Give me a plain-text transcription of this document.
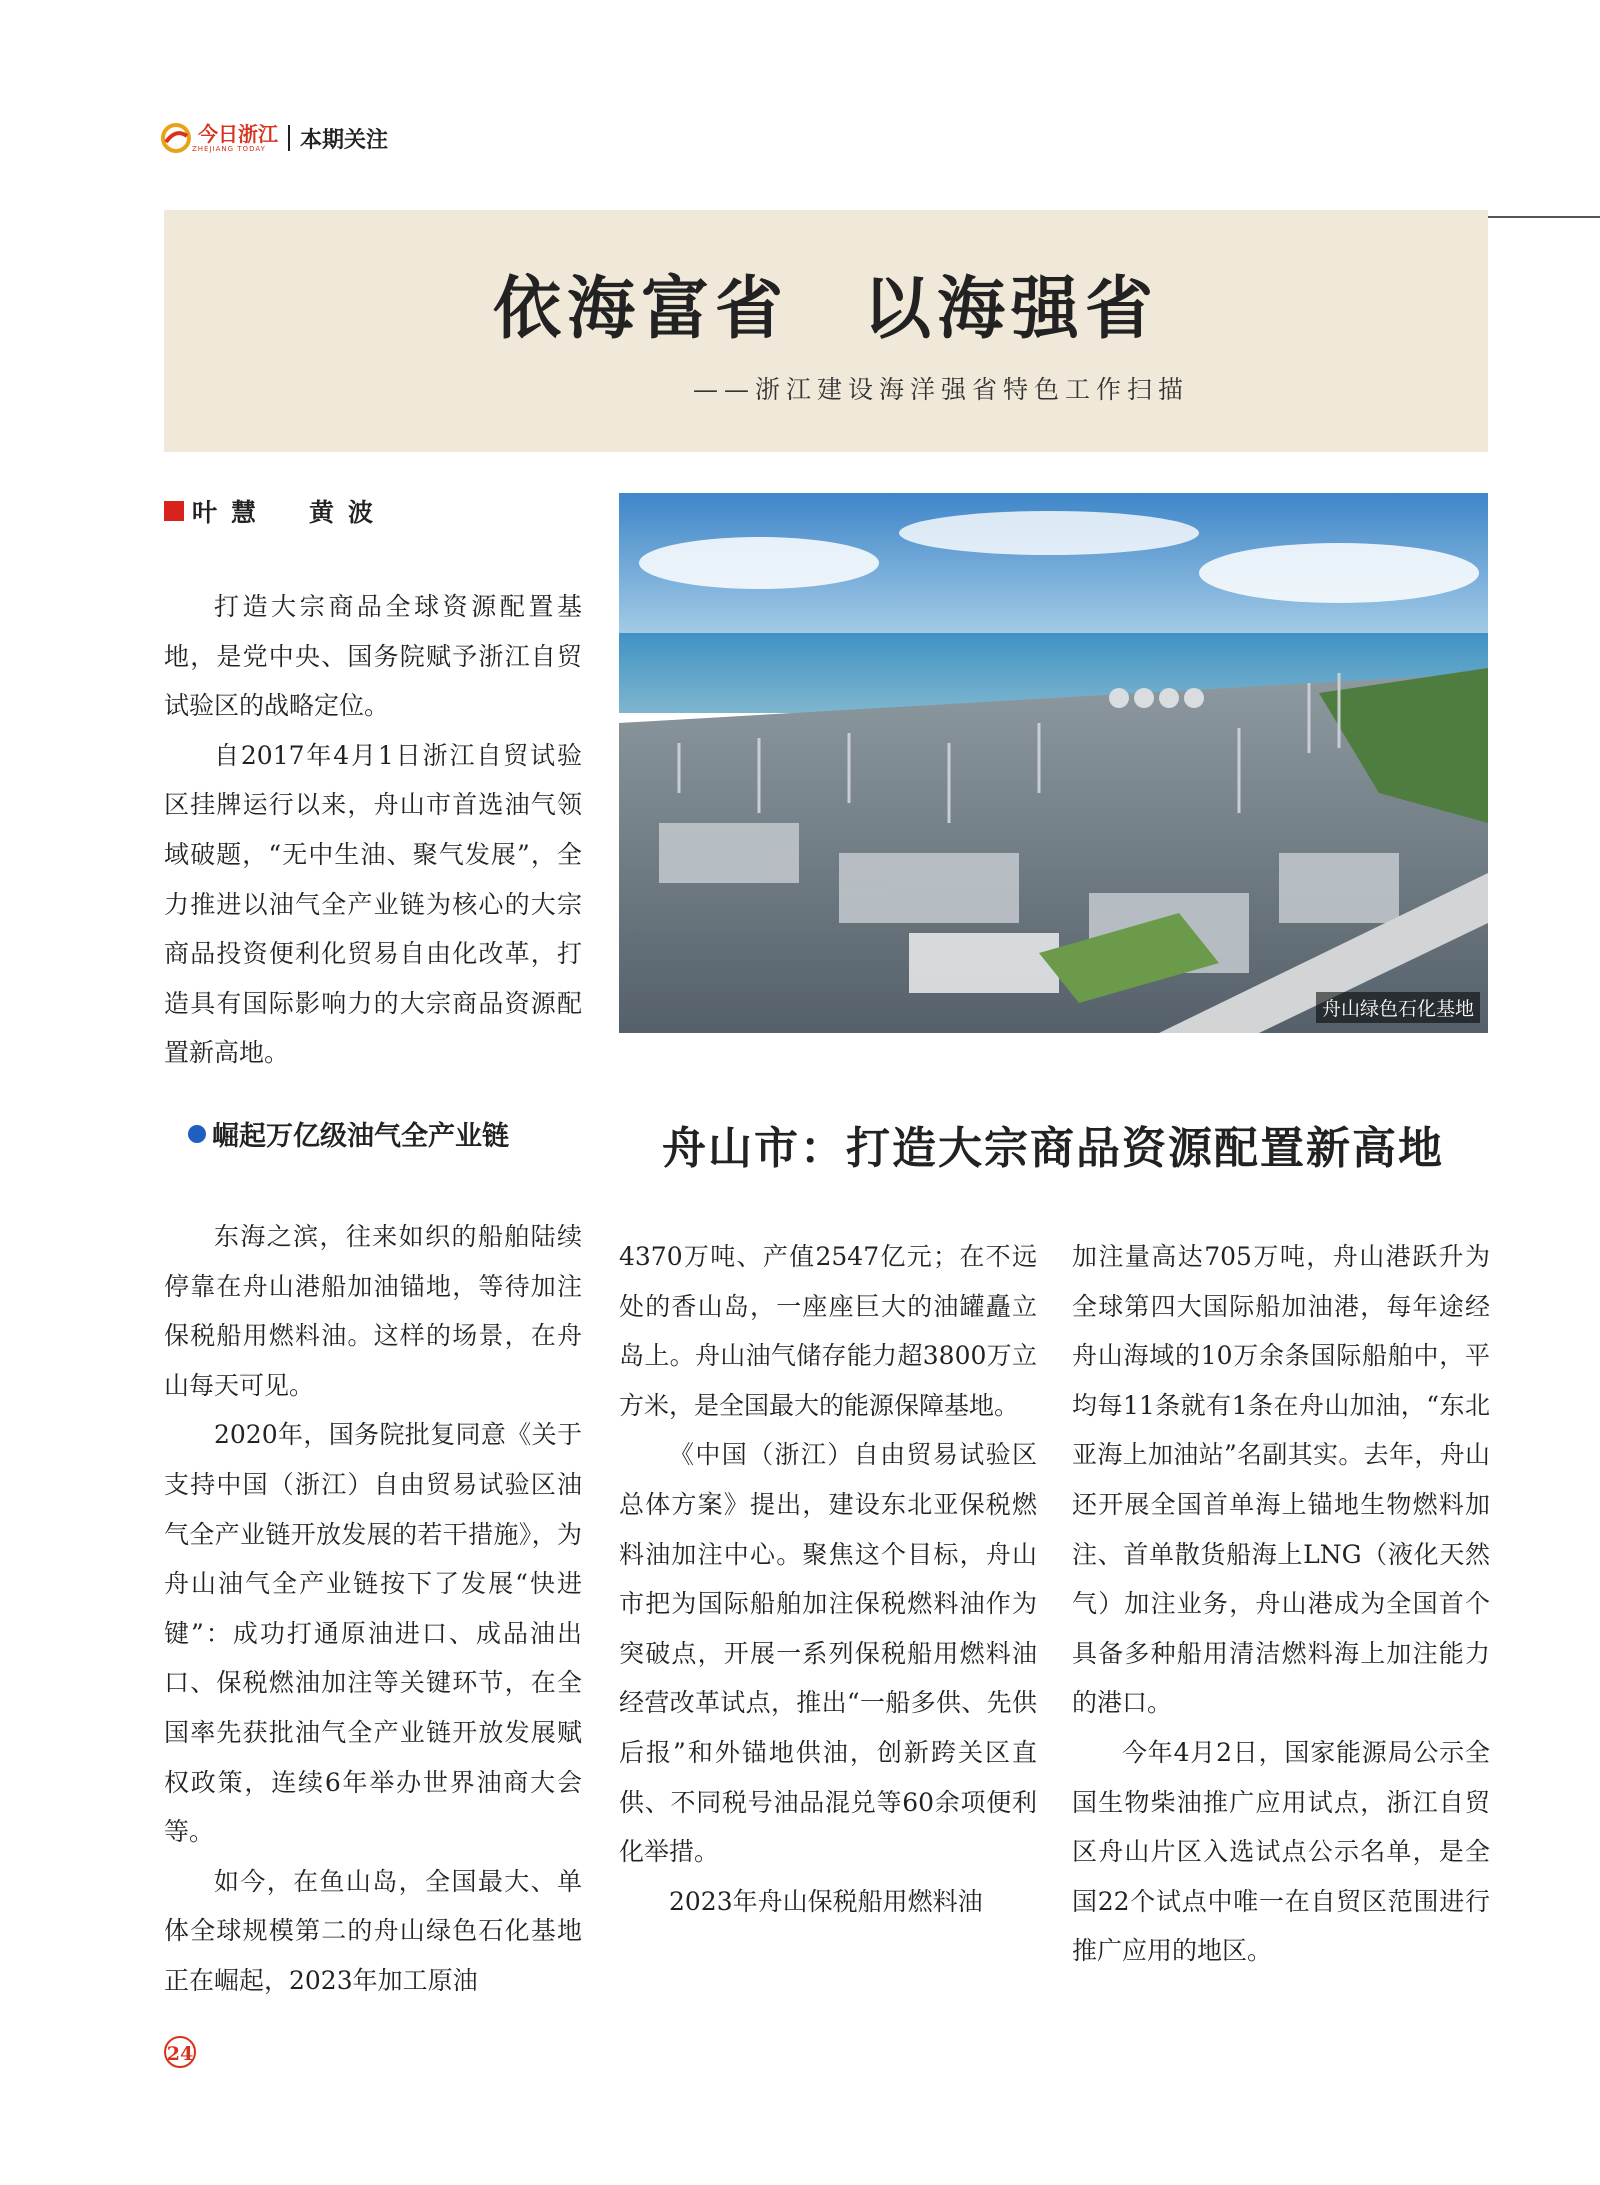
今日浙江
ZHEJIANG TODAY	本期关注
依海富省　以海强省
——浙江建设海洋强省特色工作扫描
叶慧　黄波
舟山绿色石化基地

打造大宗商品全球资源配置基地，是党中央、国务院赋予浙江自贸试验区的战略定位。

自2017年4月1日浙江自贸试验区挂牌运行以来，舟山市首选油气领域破题，“无中生油、聚气发展”，全力推进以油气全产业链为核心的大宗商品投资便利化贸易自由化改革，打造具有国际影响力的大宗商品资源配置新高地。

崛起万亿级油气全产业链	舟山市：打造大宗商品资源配置新高地

东海之滨，往来如织的船舶陆续停靠在舟山港船加油锚地，等待加注保税船用燃料油。这样的场景，在舟山每天可见。

2020年，国务院批复同意《关于支持中国（浙江）自由贸易试验区油气全产业链开放发展的若干措施》，为舟山油气全产业链按下了发展“快进键”：成功打通原油进口、成品油出口、保税燃油加注等关键环节，在全国率先获批油气全产业链开放发展赋权政策，连续6年举办世界油商大会等。

如今，在鱼山岛，全国最大、单体全球规模第二的舟山绿色石化基地正在崛起，2023年加工原油

4370万吨、产值2547亿元；在不远处的香山岛，一座座巨大的油罐矗立岛上。舟山油气储存能力超3800万立方米，是全国最大的能源保障基地。

《中国（浙江）自由贸易试验区总体方案》提出，建设东北亚保税燃料油加注中心。聚焦这个目标，舟山市把为国际船舶加注保税燃料油作为突破点，开展一系列保税船用燃料油经营改革试点，推出“一船多供、先供后报”和外锚地供油，创新跨关区直供、不同税号油品混兑等60余项便利化举措。

2023年舟山保税船用燃料油

加注量高达705万吨，舟山港跃升为全球第四大国际船加油港，每年途经舟山海域的10万余条国际船舶中，平均每11条就有1条在舟山加油，“东北亚海上加油站”名副其实。去年，舟山还开展全国首单海上锚地生物燃料加注、首单散货船海上LNG（液化天然气）加注业务，舟山港成为全国首个具备多种船用清洁燃料海上加注能力的港口。

今年4月2日，国家能源局公示全国生物柴油推广应用试点，浙江自贸区舟山片区入选试点公示名单，是全国22个试点中唯一在自贸区范围进行推广应用的地区。

24
